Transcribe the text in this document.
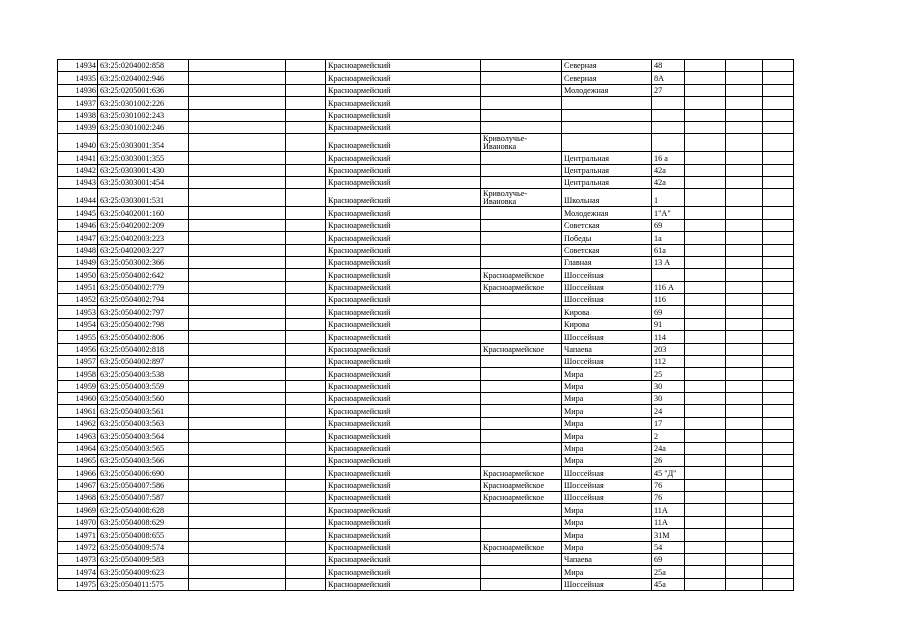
14934	63:25:0204002:858			Красноармейский		Северная	48			
14935	63:25:0204002:946			Красноармейский		Северная	8А			
14936	63:25:0205001:636			Красноармейский		Молодежная	27			
14937	63:25:0301002:226			Красноармейский						
14938	63:25:0301002:243			Красноармейский						
14939	63:25:0301002:246			Красноармейский						
14940	63:25:0303001:354			Красноармейский	Криволучье-Ивановка					
14941	63:25:0303001:355			Красноармейский		Центральная	16 а			
14942	63:25:0303001:430			Красноармейский		Центральная	42а			
14943	63:25:0303001:454			Красноармейский		Центральная	42а			
14944	63:25:0303001:531			Красноармейский	Криволучье-Ивановка	Школьная	1			
14945	63:25:0402001:160			Красноармейский		Молодежная	1"А"			
14946	63:25:0402002:209			Красноармейский		Советская	69			
14947	63:25:0402003:223			Красноармейский		Победы	1а			
14948	63:25:0402003:227			Красноармейский		Советская	61а			
14949	63:25:0503002:366			Красноармейский		Главная	13 А			
14950	63:25:0504002:642			Красноармейский	Красноармейское	Шоссейная				
14951	63:25:0504002:779			Красноармейский	Красноармейское	Шоссейная	116 А			
14952	63:25:0504002:794			Красноармейский		Шоссейная	116			
14953	63:25:0504002:797			Красноармейский		Кирова	69			
14954	63:25:0504002:798			Красноармейский		Кирова	91			
14955	63:25:0504002:806			Красноармейский		Шоссейная	114			
14956	63:25:0504002:818			Красноармейский	Красноармейское	Чапаева	203			
14957	63:25:0504002:897			Красноармейский		Шоссейная	112			
14958	63:25:0504003:538			Красноармейский		Мира	25			
14959	63:25:0504003:559			Красноармейский		Мира	30			
14960	63:25:0504003:560			Красноармейский		Мира	30			
14961	63:25:0504003:561			Красноармейский		Мира	24			
14962	63:25:0504003:563			Красноармейский		Мира	17			
14963	63:25:0504003:564			Красноармейский		Мира	2			
14964	63:25:0504003:565			Красноармейский		Мира	24а			
14965	63:25:0504003:566			Красноармейский		Мира	26			
14966	63:25:0504006:690			Красноармейский	Красноармейское	Шоссейная	45 "Д"			
14967	63:25:0504007:586			Красноармейский	Красноармейское	Шоссейная	76			
14968	63:25:0504007:587			Красноармейский	Красноармейское	Шоссейная	76			
14969	63:25:0504008:628			Красноармейский		Мира	11А			
14970	63:25:0504008:629			Красноармейский		Мира	11А			
14971	63:25:0504008:655			Красноармейский		Мира	31М			
14972	63:25:0504009:574			Красноармейский	Красноармейское	Мира	54			
14973	63:25:0504009:583			Красноармейский		Чапаева	69			
14974	63:25:0504009:623			Красноармейский		Мира	25а			
14975	63:25:0504011:575			Красноармейский		Шоссейная	45а			
